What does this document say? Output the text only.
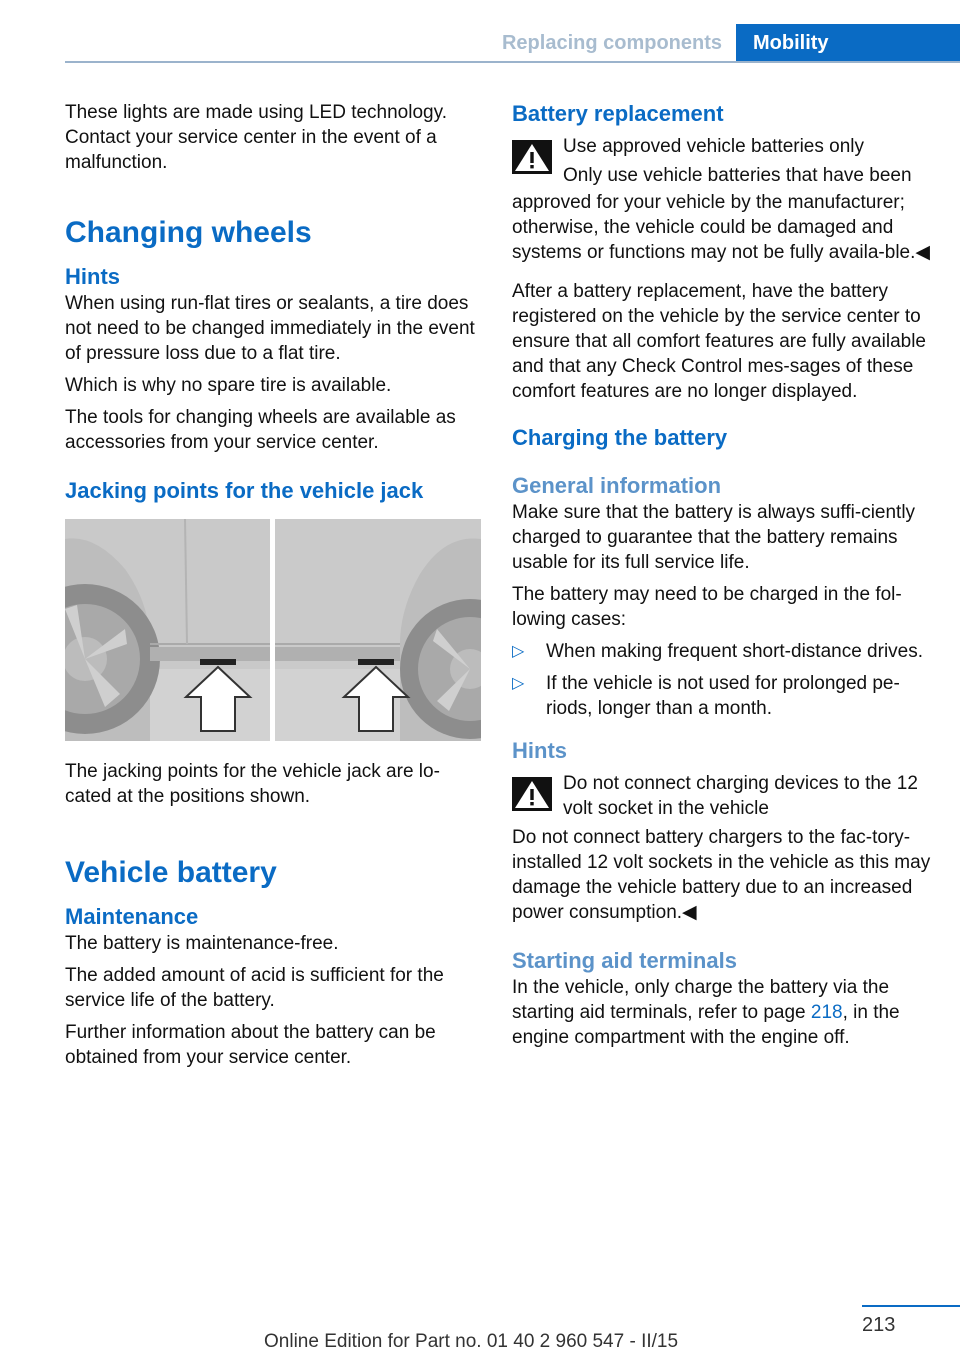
Replacing components	Mobility

These lights are made using LED technology. Contact your service center in the event of a malfunction.

Changing wheels
Hints

When using run-flat tires or sealants, a tire does not need to be changed immediately in the event of pressure loss due to a flat tire.

Which is why no spare tire is available.

The tools for changing wheels are available as accessories from your service center.

Jacking points for the vehicle jack

The jacking points for the vehicle jack are lo‐cated at the positions shown.

Vehicle battery
Maintenance

The battery is maintenance-free.

The added amount of acid is sufficient for the service life of the battery.

Further information about the battery can be obtained from your service center.

Battery replacement

Use approved vehicle batteries only

Only use vehicle batteries that have been

approved for your vehicle by the manufacturer; otherwise, the vehicle could be damaged and systems or functions may not be fully availa‐ble.◀

After a battery replacement, have the battery registered on the vehicle by the service center to ensure that all comfort features are fully available and that any Check Control mes‐sages of these comfort features are no longer displayed.

Charging the battery
General information

Make sure that the battery is always suffi‐ciently charged to guarantee that the battery remains usable for its full service life.

The battery may need to be charged in the fol‐lowing cases:

▷ When making frequent short-distance drives.
▷ If the vehicle is not used for prolonged pe‐riods, longer than a month.
Hints

Do not connect charging devices to the 12 volt socket in the vehicle

Do not connect battery chargers to the fac‐tory-installed 12 volt sockets in the vehicle as this may damage the vehicle battery due to an increased power consumption.◀

Starting aid terminals

In the vehicle, only charge the battery via the starting aid terminals, refer to page 218, in the engine compartment with the engine off.

213
Online Edition for Part no. 01 40 2 960 547 - II/15
